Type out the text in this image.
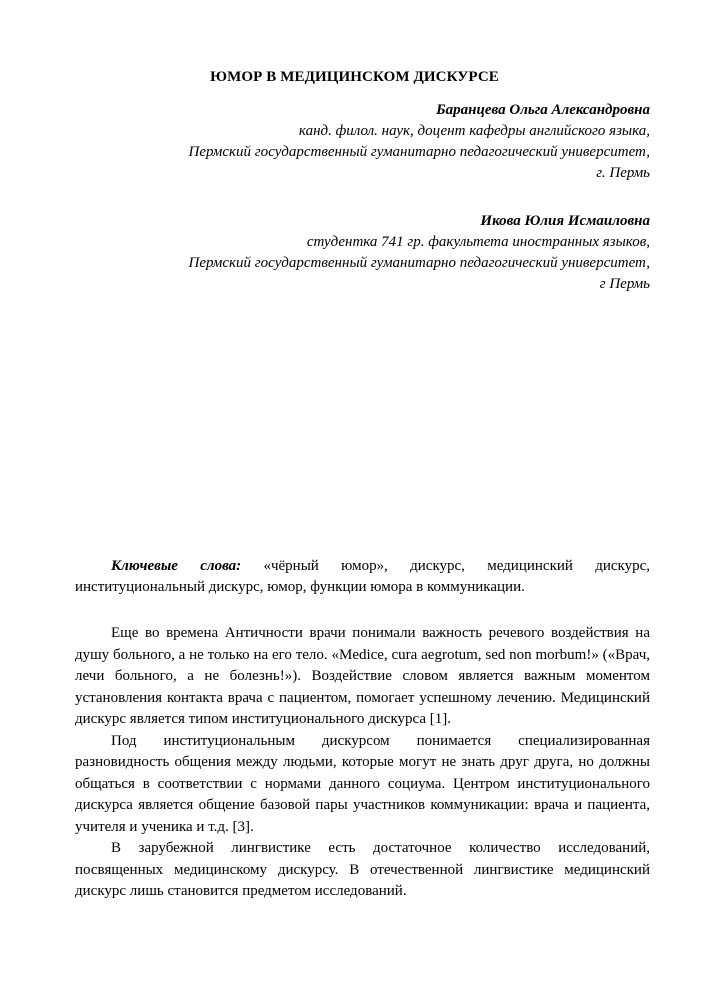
ЮМОР В МЕДИЦИНСКОМ ДИСКУРСЕ
Баранцева Ольга Александровна
канд. филол. наук, доцент кафедры английского языка,
Пермский государственный гуманитарно педагогический университет,
г. Пермь
Икова Юлия Исмаиловна
студентка 741 гр. факультета иностранных языков,
Пермский государственный гуманитарно педагогический университет,
г Пермь
Ключевые слова: «чёрный юмор», дискурс, медицинский дискурс, институциональный дискурс, юмор, функции юмора в коммуникации.

Еще во времена Античности врачи понимали важность речевого воздействия на душу больного, а не только на его тело. «Medice, cura aegrotum, sed non morbum!» («Врач, лечи больного, а не болезнь!»). Воздействие словом является важным моментом установления контакта врача с пациентом, помогает успешному лечению. Медицинский дискурс является типом институционального дискурса [1].

Под институциональным дискурсом понимается специализированная разновидность общения между людьми, которые могут не знать друг друга, но должны общаться в соответствии с нормами данного социума. Центром институционального дискурса является общение базовой пары участников коммуникации: врача и пациента, учителя и ученика и т.д. [3].

В зарубежной лингвистике есть достаточное количество исследований, посвященных медицинскому дискурсу. В отечественной лингвистике медицинский дискурс лишь становится предметом исследований.
